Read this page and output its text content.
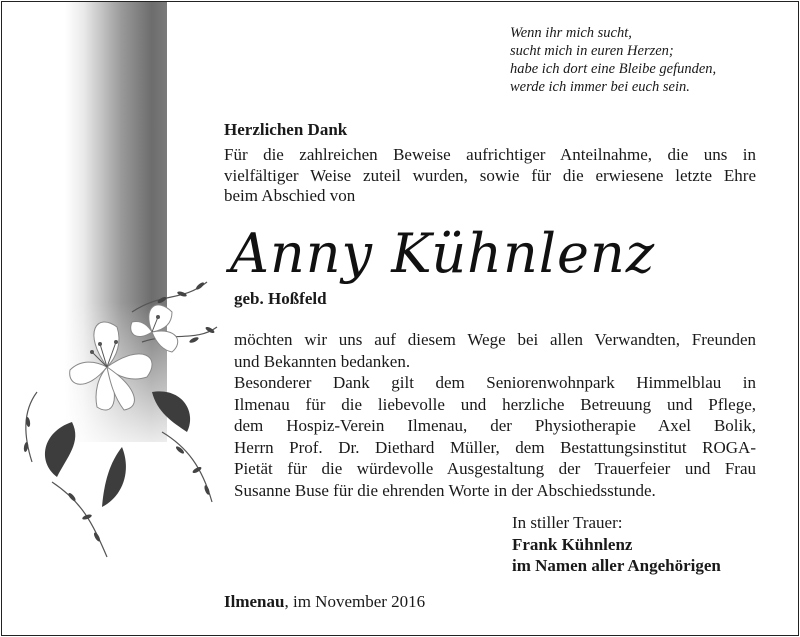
Wenn ihr mich sucht,
sucht mich in euren Herzen;
habe ich dort eine Bleibe gefunden,
werde ich immer bei euch sein.
Herzlichen Dank
Für die zahlreichen Beweise aufrichtiger Anteilnahme, die uns in
vielfältiger Weise zuteil wurden, sowie für die erwiesene letzte Ehre
beim Abschied von
Anny Kühnlenz
geb. Hoßfeld
möchten wir uns auf diesem Wege bei allen Verwandten, Freunden
und Bekannten bedanken.
Besonderer Dank gilt dem Seniorenwohnpark Himmelblau in
Ilmenau für die liebevolle und herzliche Betreuung und Pflege,
dem Hospiz-Verein Ilmenau, der Physiotherapie Axel Bolik,
Herrn Prof. Dr. Diethard Müller, dem Bestattungsinstitut ROGA-
Pietät für die würdevolle Ausgestaltung der Trauerfeier und Frau
Susanne Buse für die ehrenden Worte in der Abschiedsstunde.
In stiller Trauer:
Frank Kühnlenz
im Namen aller Angehörigen
Ilmenau, im November 2016
